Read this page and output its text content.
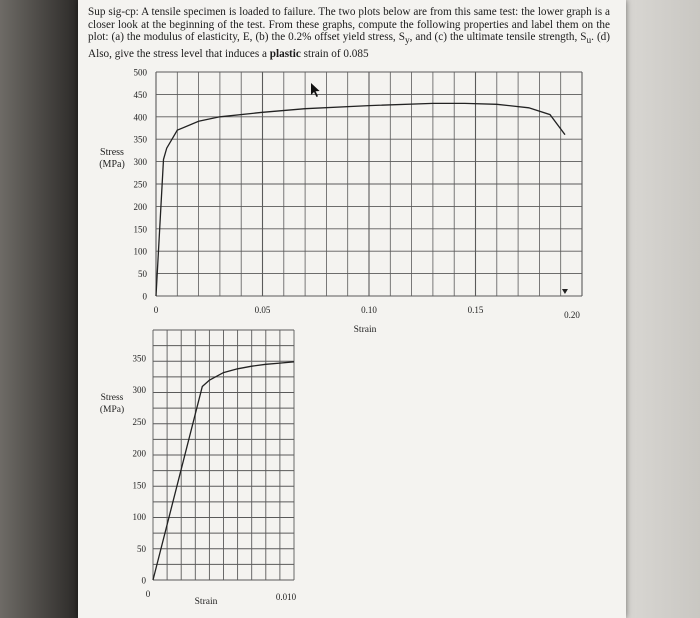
Sup sig-cp: A tensile specimen is loaded to failure. The two plots below are from this same test: the lower graph is a closer look at the beginning of the test. From these graphs, compute the following properties and label them on the plot: (a) the modulus of elasticity, E, (b) the 0.2% offset yield stress, $S_y$, and (c) the ultimate tensile strength, $S_u$. (d) Also, give the stress level that induces a plastic strain of 0.085
500
450
400
350
300
250
200
150
100
50
0
0	0.05	0.10	0.15	0.20
Stress
(MPa)
Strain
350
300
250
200
150
100
50
0
0	0.010
Stress
(MPa)
Strain
